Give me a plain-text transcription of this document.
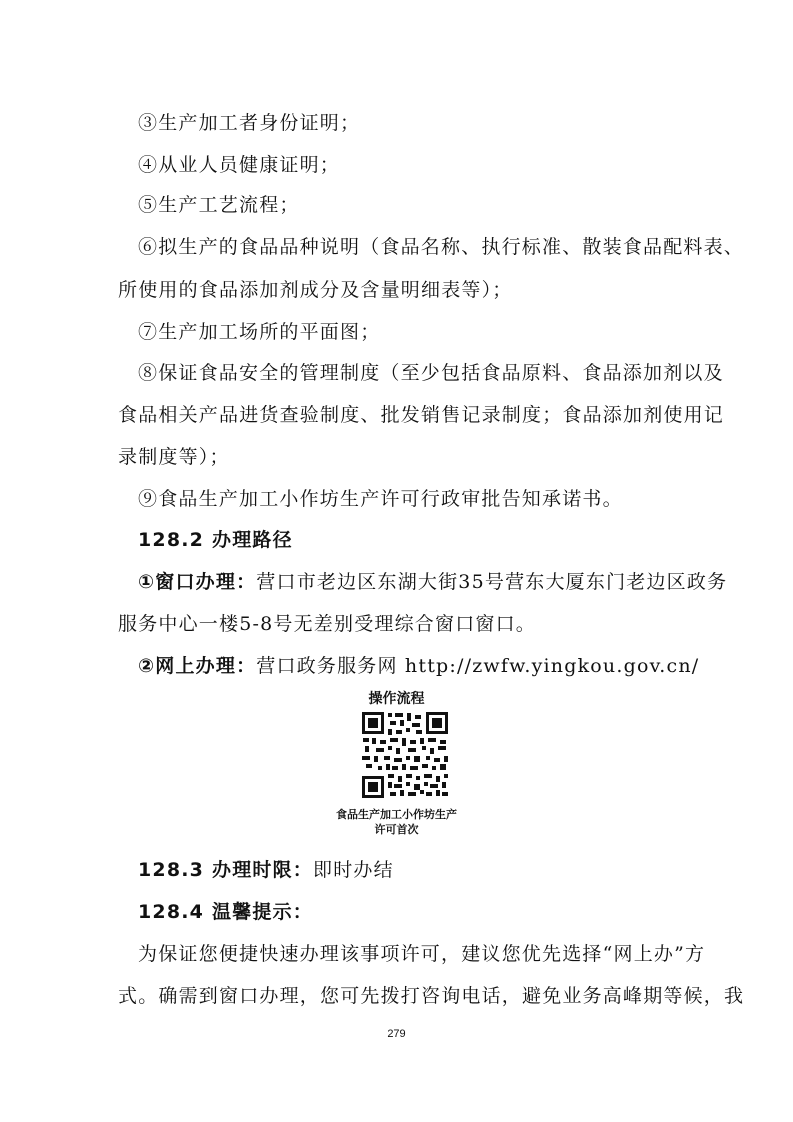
③生产加工者身份证明；
④从业人员健康证明；
⑤生产工艺流程；
⑥拟生产的食品品种说明（食品名称、执行标准、散装食品配料表、
所使用的食品添加剂成分及含量明细表等）；
⑦生产加工场所的平面图；
⑧保证食品安全的管理制度（至少包括食品原料、食品添加剂以及
食品相关产品进货查验制度、批发销售记录制度；食品添加剂使用记
录制度等）；
⑨食品生产加工小作坊生产许可行政审批告知承诺书。
128.2 办理路径
①窗口办理：营口市老边区东湖大街35号营东大厦东门老边区政务
服务中心一楼5-8号无差别受理综合窗口窗口。
②网上办理：营口政务服务网 http://zwfw.yingkou.gov.cn/
操作流程
食品生产加工小作坊生产
许可首次
128.3 办理时限：即时办结
128.4 温馨提示：
为保证您便捷快速办理该事项许可，建议您优先选择“网上办”方
式。确需到窗口办理，您可先拨打咨询电话，避免业务高峰期等候，我
279
